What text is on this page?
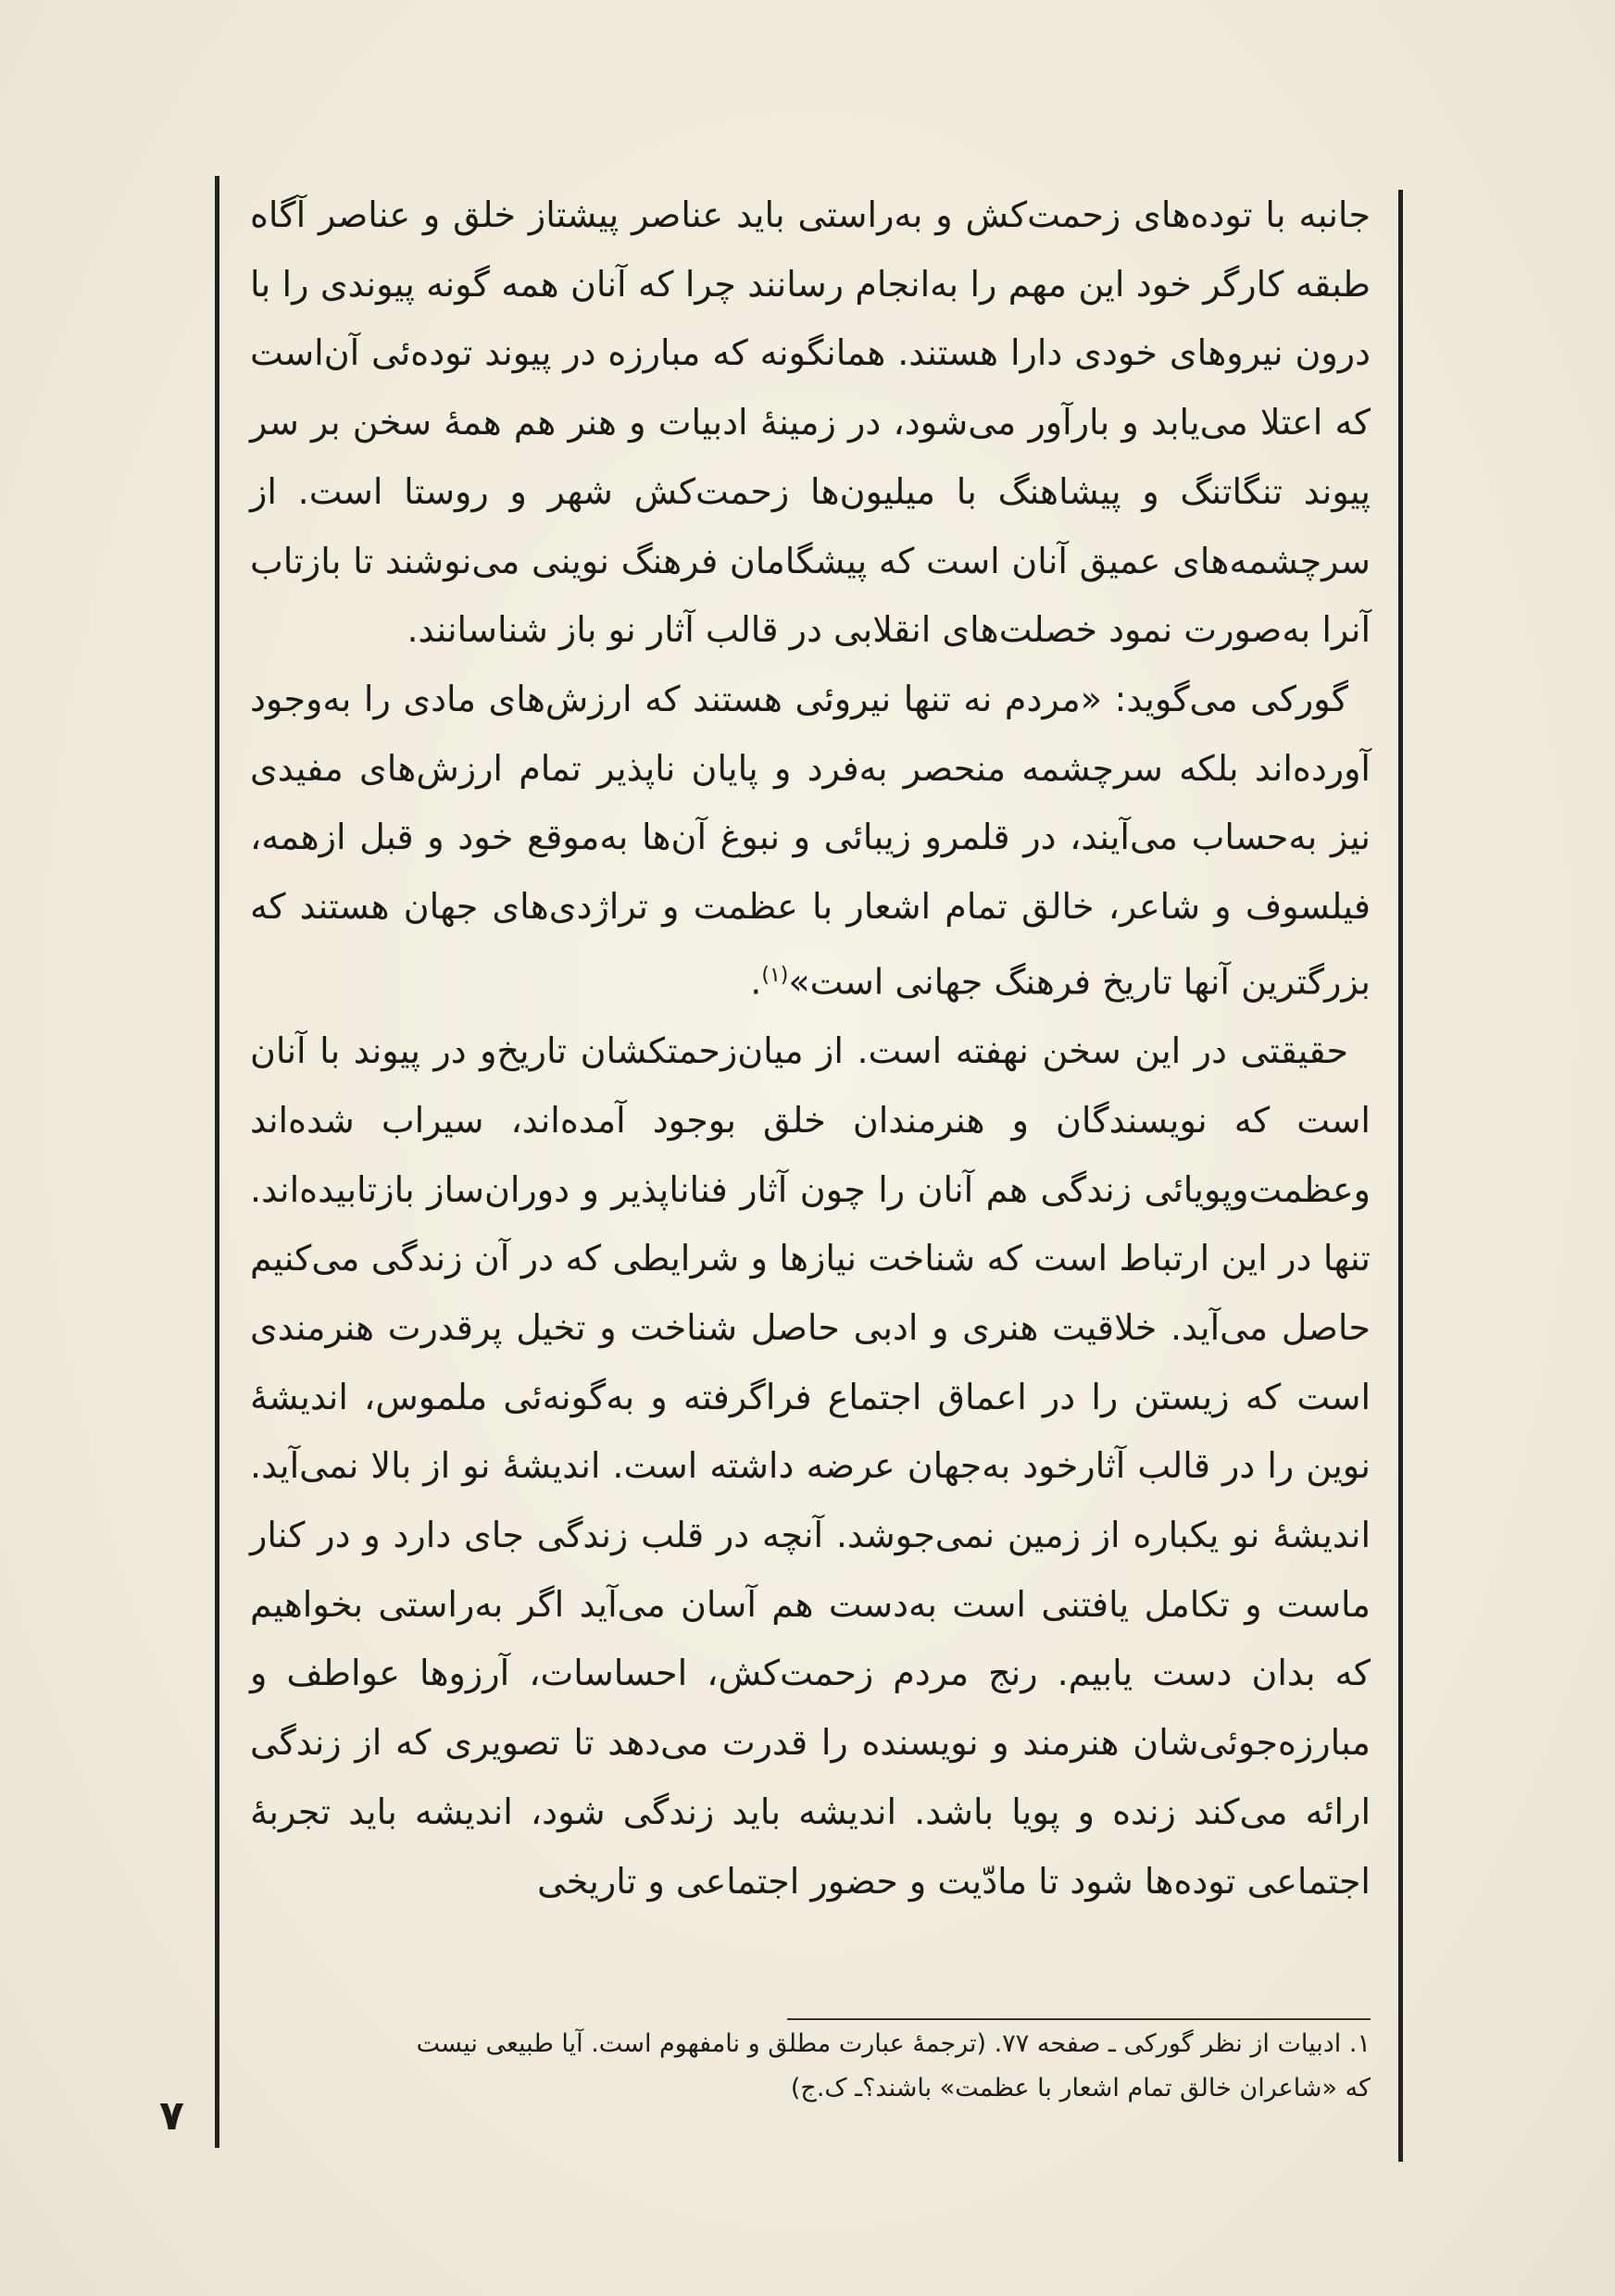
جانبه با توده‌های زحمت‌کش و به‌راستی باید عناصر پیشتاز خلق و عناصر آگاه طبقه کارگر خود این مهم را به‌انجام رسانند چرا که آنان همه گونه پیوندی را با درون نیروهای خودی دارا هستند. همانگونه که مبارزه در پیوند توده‌ئی آن‌است که اعتلا می‌یابد و بارآور می‌شود، در زمینهٔ ادبیات و هنر هم همهٔ سخن بر سر پیوند تنگاتنگ و پیشاهنگ با میلیون‌ها زحمت‌کش شهر و روستا است. از سرچشمه‌های عمیق آنان است که پیشگامان فرهنگ نوینی می‌نوشند تا بازتاب آنرا به‌صورت نمود خصلت‌های انقلابی در قالب آثار نو باز شناسانند.

گورکی می‌گوید: «مردم نه تنها نیروئی هستند که ارزش‌های مادی را به‌وجود آورده‌اند بلکه سرچشمه منحصر به‌فرد و پایان ناپذیر تمام ارزش‌های مفیدی نیز به‌حساب می‌آیند، در قلمرو زیبائی و نبوغ آن‌ها به‌موقع خود و قبل ازهمه، فیلسوف و شاعر، خالق تمام اشعار با عظمت و تراژدی‌های جهان هستند که بزرگترین آنها تاریخ فرهنگ جهانی است»$^{(۱)}$.

حقیقتی در این سخن نهفته است. از میان‌زحمتکشان تاریخ‌و در پیوند با آنان است که نویسندگان و هنرمندان خلق بوجود آمده‌اند، سیراب شده‌اند وعظمت‌وپویائی زندگی هم آنان را چون آثار فناناپذیر و دوران‌ساز بازتابیده‌اند. تنها در این ارتباط است که شناخت نیازها و شرایطی که در آن زندگی می‌کنیم حاصل می‌آید. خلاقیت هنری و ادبی حاصل شناخت و تخیل پرقدرت هنرمندی است که زیستن را در اعماق اجتماع فراگرفته و به‌گونه‌ئی ملموس، اندیشهٔ نوین را در قالب آثارخود به‌جهان عرضه داشته است. اندیشهٔ نو از بالا نمی‌آید. اندیشهٔ نو یکباره از زمین نمی‌جوشد. آنچه در قلب زندگی جای دارد و در کنار ماست و تکامل یافتنی است به‌دست هم آسان می‌آید اگر به‌راستی بخواهیم که بدان دست یابیم. رنج مردم زحمت‌کش، احساسات، آرزوها عواطف و مبارزه‌جوئی‌شان هنرمند و نویسنده را قدرت می‌دهد تا تصویری که از زندگی ارائه می‌کند زنده و پویا باشد. اندیشه باید زندگی شود، اندیشه باید تجربهٔ اجتماعی توده‌ها شود تا مادّیت و حضور اجتماعی و تاریخی

۱. ادبیات از نظر گورکی ـ صفحه ۷۷. (ترجمهٔ عبارت مطلق و نامفهوم است. آیا طبیعی نیست

که «شاعران خالق تمام اشعار با عظمت» باشند؟ـ ک.ج)

۷
